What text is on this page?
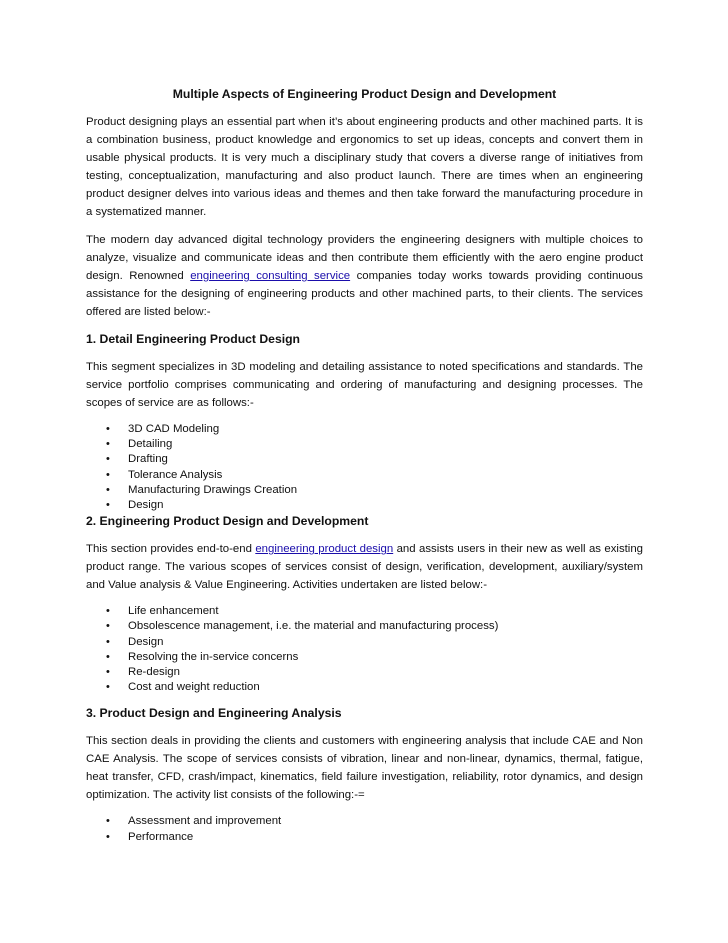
Multiple Aspects of Engineering Product Design and Development

Product designing plays an essential part when it’s about engineering products and other machined parts. It is a combination business, product knowledge and ergonomics to set up ideas, concepts and convert them in usable physical products. It is very much a disciplinary study that covers a diverse range of initiatives from testing, conceptualization, manufacturing and also product launch. There are times when an engineering product designer delves into various ideas and themes and then take forward the manufacturing procedure in a systematized manner.

The modern day advanced digital technology providers the engineering designers with multiple choices to analyze, visualize and communicate ideas and then contribute them efficiently with the aero engine product design. Renowned engineering consulting service companies today works towards providing continuous assistance for the designing of engineering products and other machined parts, to their clients. The services offered are listed below:-

1. Detail Engineering Product Design

This segment specializes in 3D modeling and detailing assistance to noted specifications and standards. The service portfolio comprises communicating and ordering of manufacturing and designing processes. The scopes of service are as follows:-

• 3D CAD Modeling
• Detailing
• Drafting
• Tolerance Analysis
• Manufacturing Drawings Creation
• Design
2. Engineering Product Design and Development

This section provides end-to-end engineering product design and assists users in their new as well as existing product range. The various scopes of services consist of design, verification, development, auxiliary/system and Value analysis & Value Engineering. Activities undertaken are listed below:-

• Life enhancement
• Obsolescence management, i.e. the material and manufacturing process)
• Design
• Resolving the in-service concerns
• Re-design
• Cost and weight reduction
3. Product Design and Engineering Analysis

This section deals in providing the clients and customers with engineering analysis that include CAE and Non CAE Analysis. The scope of services consists of vibration, linear and non-linear, dynamics, thermal, fatigue, heat transfer, CFD, crash/impact, kinematics, field failure investigation, reliability, rotor dynamics, and design optimization. The activity list consists of the following:-=

• Assessment and improvement
• Performance
